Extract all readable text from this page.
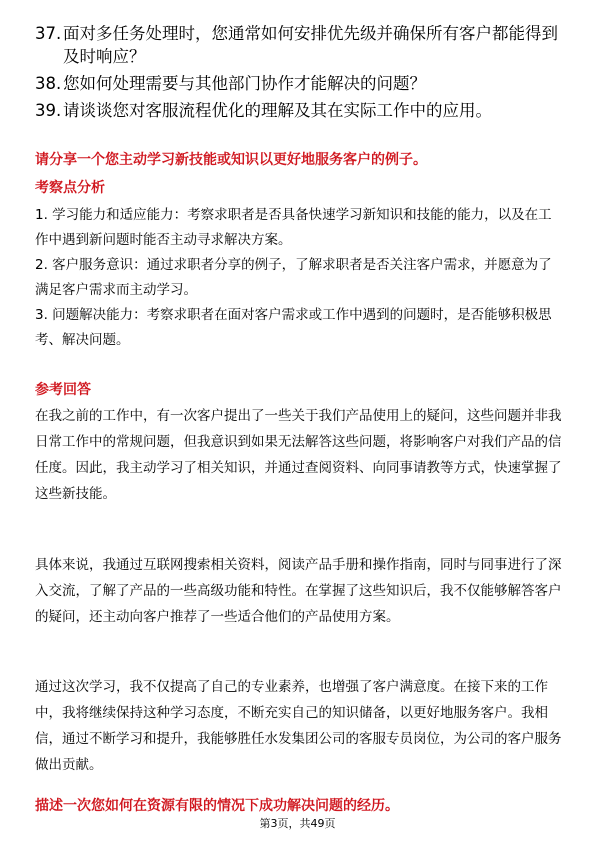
37. 面对多任务处理时，您通常如何安排优先级并确保所有客户都能得到及时响应？
38. 您如何处理需要与其他部门协作才能解决的问题？
39. 请谈谈您对客服流程优化的理解及其在实际工作中的应用。
请分享一个您主动学习新技能或知识以更好地服务客户的例子。
考察点分析
1. 学习能力和适应能力：考察求职者是否具备快速学习新知识和技能的能力，以及在工作中遇到新问题时能否主动寻求解决方案。
2. 客户服务意识：通过求职者分享的例子，了解求职者是否关注客户需求，并愿意为了满足客户需求而主动学习。
3. 问题解决能力：考察求职者在面对客户需求或工作中遇到的问题时，是否能够积极思考、解决问题。
参考回答
在我之前的工作中，有一次客户提出了一些关于我们产品使用上的疑问，这些问题并非我日常工作中的常规问题，但我意识到如果无法解答这些问题，将影响客户对我们产品的信任度。因此，我主动学习了相关知识，并通过查阅资料、向同事请教等方式，快速掌握了这些新技能。
具体来说，我通过互联网搜索相关资料，阅读产品手册和操作指南，同时与同事进行了深入交流，了解了产品的一些高级功能和特性。在掌握了这些知识后，我不仅能够解答客户的疑问，还主动向客户推荐了一些适合他们的产品使用方案。
通过这次学习，我不仅提高了自己的专业素养，也增强了客户满意度。在接下来的工作中，我将继续保持这种学习态度，不断充实自己的知识储备，以更好地服务客户。我相信，通过不断学习和提升，我能够胜任水发集团公司的客服专员岗位，为公司的客户服务做出贡献。
描述一次您如何在资源有限的情况下成功解决问题的经历。
第3页，共49页
